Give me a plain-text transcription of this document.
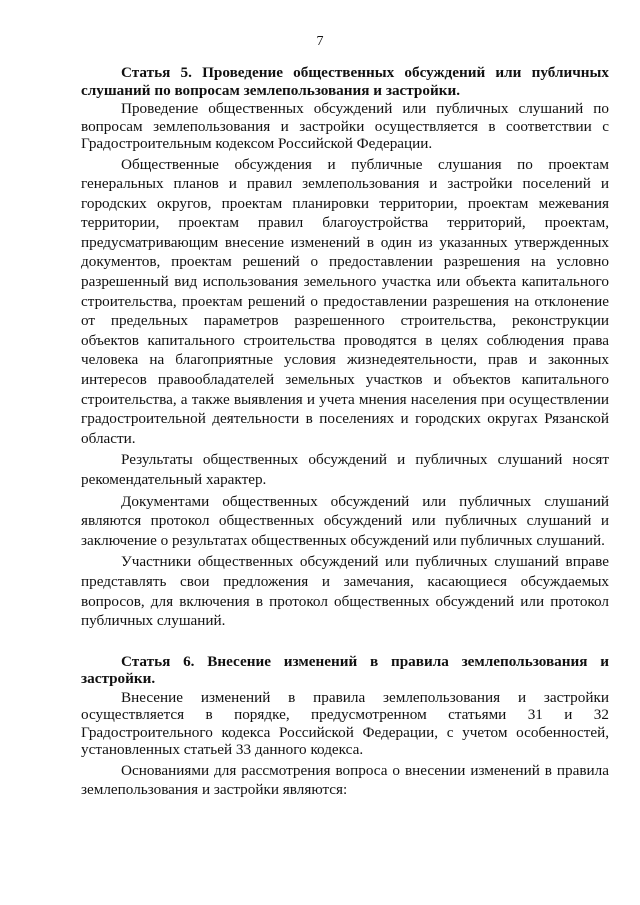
7

Статья 5. Проведение общественных обсуждений или публичных слушаний по вопросам землепользования и застройки.

Проведение общественных обсуждений или публичных слушаний по вопросам землепользования и застройки осуществляется в соответствии с Градостроительным кодексом Российской Федерации.

Общественные обсуждения и публичные слушания по проектам генеральных планов и правил землепользования и застройки поселений и городских округов, проектам планировки территории, проектам межевания территории, проектам правил благоустройства территорий, проектам, предусматривающим внесение изменений в один из указанных утвержденных документов, проектам решений о предоставлении разрешения на условно разрешенный вид использования земельного участка или объекта капитального строительства, проектам решений о предоставлении разрешения на отклонение от предельных параметров разрешенного строительства, реконструкции объектов капитального строительства проводятся в целях соблюдения права человека на благоприятные условия жизнедеятельности, прав и законных интересов правообладателей земельных участков и объектов капитального строительства, а также выявления и учета мнения населения при осуществлении градостроительной деятельности в поселениях и городских округах Рязанской области.

Результаты общественных обсуждений и публичных слушаний носят рекомендательный характер.

Документами общественных обсуждений или публичных слушаний являются протокол общественных обсуждений или публичных слушаний и заключение о результатах общественных обсуждений или публичных слушаний.

Участники общественных обсуждений или публичных слушаний вправе представлять свои предложения и замечания, касающиеся обсуждаемых вопросов, для включения в протокол общественных обсуждений или протокол публичных слушаний.

Статья 6. Внесение изменений в правила землепользования и застройки.

Внесение изменений в правила землепользования и застройки осуществляется в порядке, предусмотренном статьями 31 и 32 Градостроительного кодекса Российской Федерации, с учетом особенностей, установленных статьей 33 данного кодекса.

Основаниями для рассмотрения вопроса о внесении изменений в правила землепользования и застройки являются:
